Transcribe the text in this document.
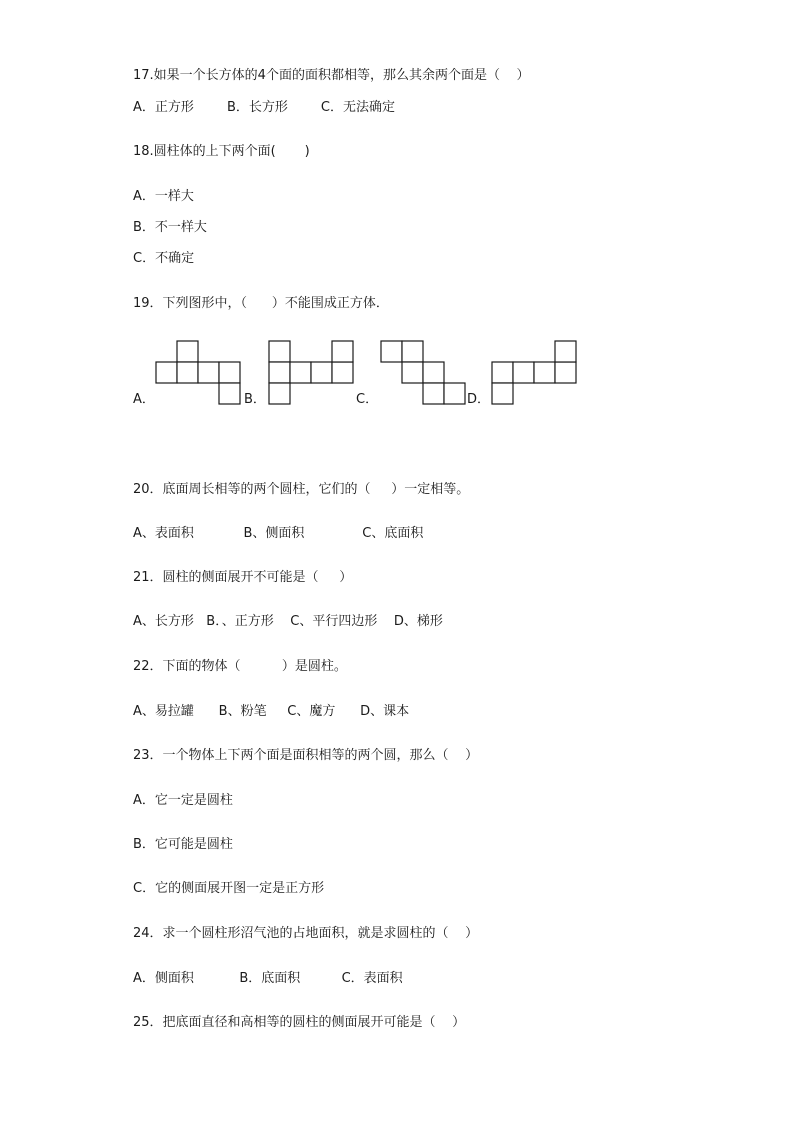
17.如果一个长方体的4个面的面积都相等，那么其余两个面是（    ）
A．正方形        B．长方形        C．无法确定
18.圆柱体的上下两个面(       )
A．一样大
B．不一样大
C．不确定
19．下列图形中，（      ）不能围成正方体．
A．	B．	C．	D．
20．底面周长相等的两个圆柱，它们的（     ）一定相等。
A、表面积            B、侧面积              C、底面积
21．圆柱的侧面展开不可能是（     ）
A、长方形   B．、正方形    C、平行四边形    D、梯形
22．下面的物体（          ）是圆柱。
A、易拉罐      B、粉笔     C、魔方      D、课本
23．一个物体上下两个面是面积相等的两个圆，那么（    ）
A．它一定是圆柱
B．它可能是圆柱
C．它的侧面展开图一定是正方形
24．求一个圆柱形沼气池的占地面积，就是求圆柱的（    ）
A．侧面积           B．底面积          C．表面积
25．把底面直径和高相等的圆柱的侧面展开可能是（    ）
